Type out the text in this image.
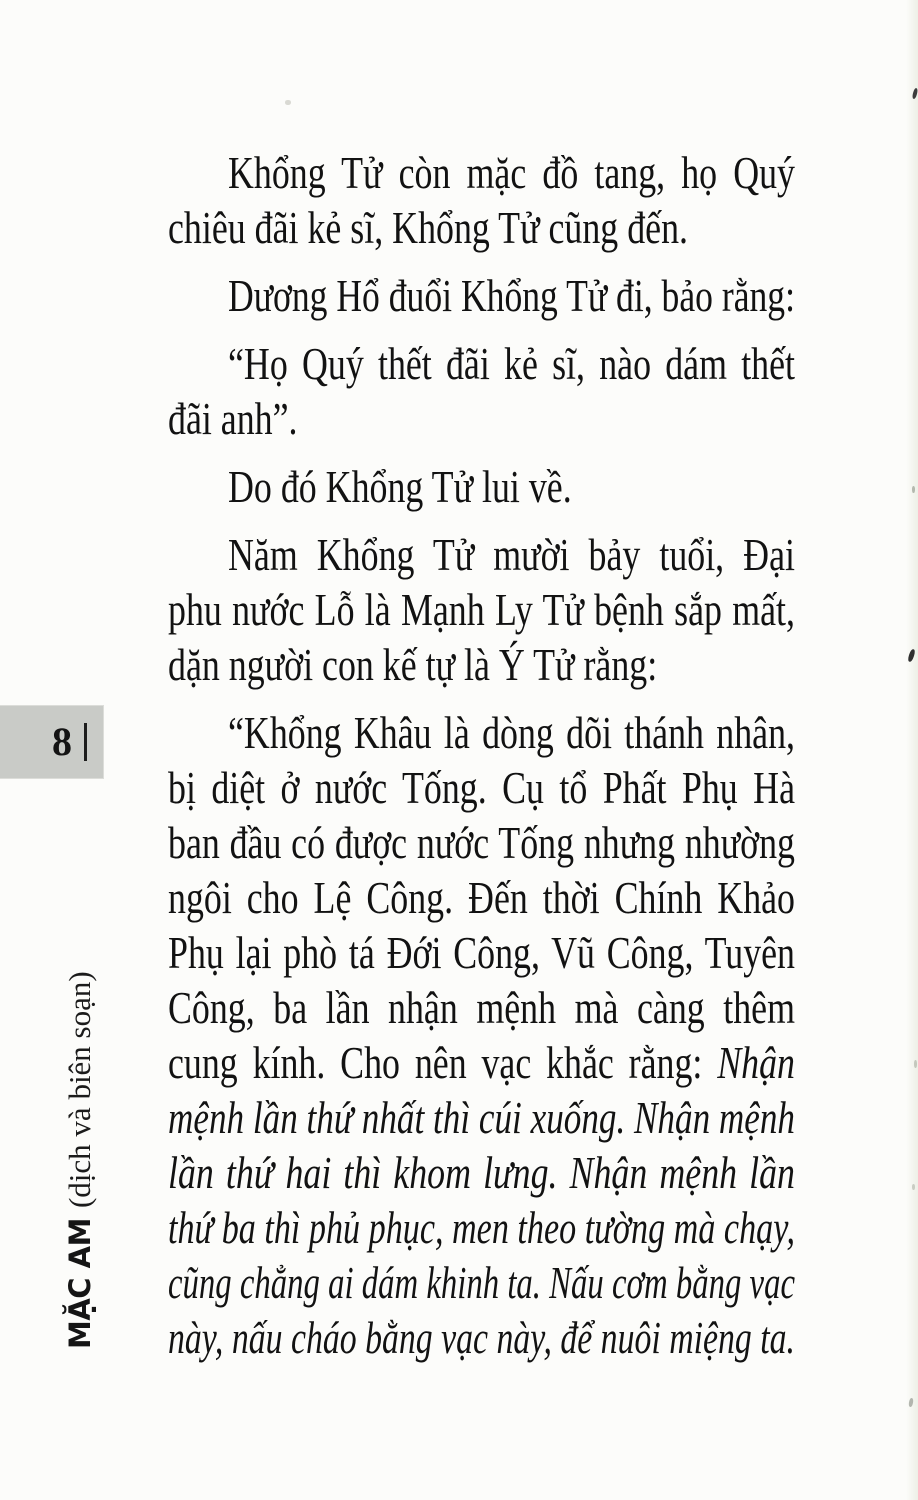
8
MẶC AM(dịch và biên soạn)
Khổng Tử còn mặc đồ tang, họ Quý
chiêu đãi kẻ sĩ, Khổng Tử cũng đến.
Dương Hổ đuổi Khổng Tử đi, bảo rằng:
“Họ Quý thết đãi kẻ sĩ, nào dám thết
đãi anh”.
Do đó Khổng Tử lui về.
Năm Khổng Tử mười bảy tuổi, Đại
phu nước Lỗ là Mạnh Ly Tử bệnh sắp mất,
dặn người con kế tự là Ý Tử rằng:
“Khổng Khâu là dòng dõi thánh nhân,
bị diệt ở nước Tống. Cụ tổ Phất Phụ Hà
ban đầu có được nước Tống nhưng nhường
ngôi cho Lệ Công. Đến thời Chính Khảo
Phụ lại phò tá Đới Công, Vũ Công, Tuyên
Công, ba lần nhận mệnh mà càng thêm
cung kính. Cho nên vạc khắc rằng: Nhận
mệnh lần thứ nhất thì cúi xuống. Nhận mệnh
lần thứ hai thì khom lưng. Nhận mệnh lần
thứ ba thì phủ phục, men theo tường mà chạy,
cũng chẳng ai dám khinh ta. Nấu cơm bằng vạc
này, nấu cháo bằng vạc này, để nuôi miệng ta.
